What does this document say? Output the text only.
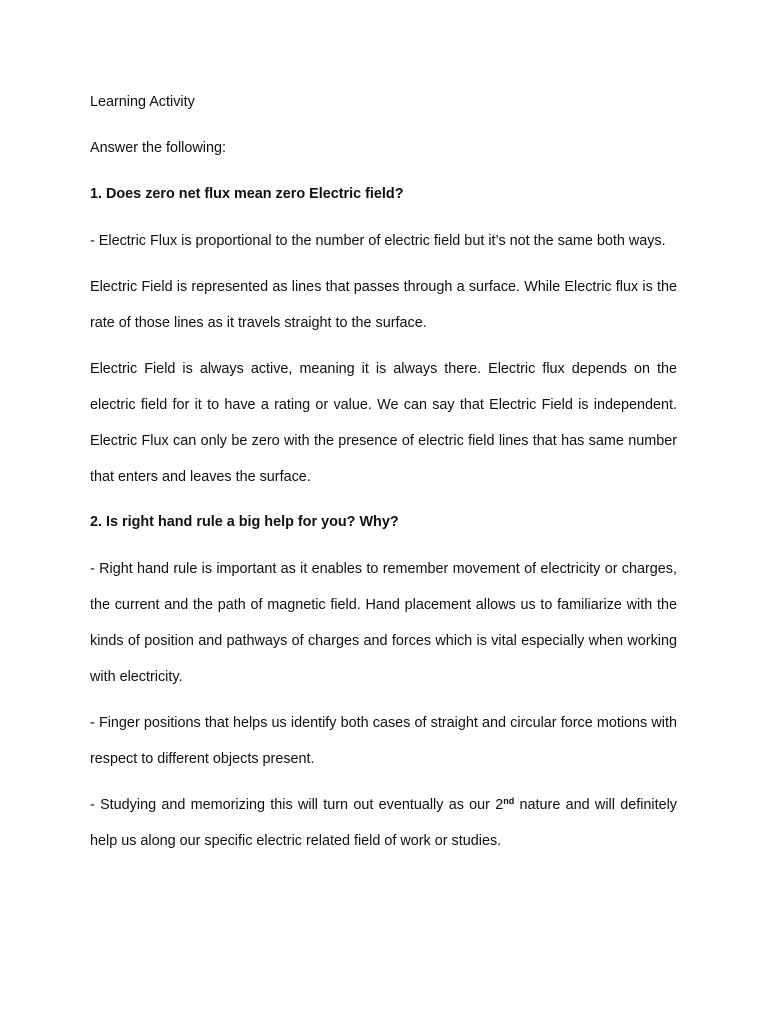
Learning Activity

Answer the following:

1. Does zero net flux mean zero Electric field?

- Electric Flux is proportional to the number of electric field but it’s not the same both ways.

Electric Field is represented as lines that passes through a surface. While Electric flux is the rate of those lines as it travels straight to the surface.

Electric Field is always active, meaning it is always there. Electric flux depends on the electric field for it to have a rating or value. We can say that Electric Field is independent. Electric Flux can only be zero with the presence of electric field lines that has same number that enters and leaves the surface.

2. Is right hand rule a big help for you? Why?

- Right hand rule is important as it enables to remember movement of electricity or charges, the current and the path of magnetic field. Hand placement allows us to familiarize with the kinds of position and pathways of charges and forces which is vital especially when working with electricity.

- Finger positions that helps us identify both cases of straight and circular force motions with respect to different objects present.

- Studying and memorizing this will turn out eventually as our 2nd nature and will definitely help us along our specific electric related field of work or studies.
